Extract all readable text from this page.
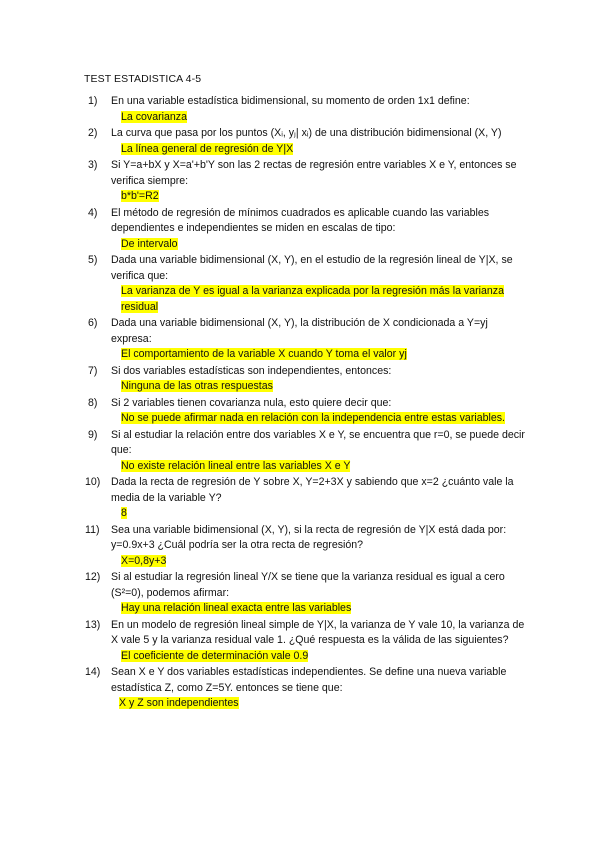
TEST ESTADISTICA 4-5
1)	En una variable estadística bidimensional, su momento de orden 1x1 define:
La covarianza
2)	La curva que pasa por los puntos (Xᵢ, yⱼ| xᵢ) de una distribución bidimensional (X, Y)
La línea general de regresión de Y|X
3)	Si Y=a+bX y X=a'+b'Y son las 2 rectas de regresión entre variables X e Y, entonces se verifica siempre:
b*b'=R2
4)	El método de regresión de mínimos cuadrados es aplicable cuando las variables dependientes e independientes se miden en escalas de tipo:
De intervalo
5)	Dada una variable bidimensional (X, Y), en el estudio de la regresión lineal de Y|X, se verifica que:
La varianza de Y es igual a la varianza explicada por la regresión más la varianza residual
6)	Dada una variable bidimensional (X, Y), la distribución de X condicionada a Y=yj expresa:
El comportamiento de la variable X cuando Y toma el valor yj
7)	Si dos variables estadísticas son independientes, entonces:
Ninguna de las otras respuestas
8)	Si 2 variables tienen covarianza nula, esto quiere decir que:
No se puede afirmar nada en relación con la independencia entre estas variables.
9)	Si al estudiar la relación entre dos variables X e Y, se encuentra que r=0, se puede decir que:
No existe relación lineal entre las variables X e Y
10)	Dada la recta de regresión de Y sobre X, Y=2+3X y sabiendo que x=2 ¿cuánto vale la media de la variable Y?
8
11)	Sea una variable bidimensional (X, Y), si la recta de regresión de Y|X está dada por: y=0.9x+3 ¿Cuál podría ser la otra recta de regresión?
X=0,8y+3
12)	Si al estudiar la regresión lineal Y/X se tiene que la varianza residual es igual a cero (S²=0), podemos afirmar:
Hay una relación lineal exacta entre las variables
13)	En un modelo de regresión lineal simple de Y|X, la varianza de Y vale 10, la varianza de X vale 5 y la varianza residual vale 1. ¿Qué respuesta es la válida de las siguientes?
El coeficiente de determinación vale 0.9
14)	Sean X e Y dos variables estadísticas independientes. Se define una nueva variable estadística Z, como Z=5Y. entonces se tiene que:
X y Z son independientes
